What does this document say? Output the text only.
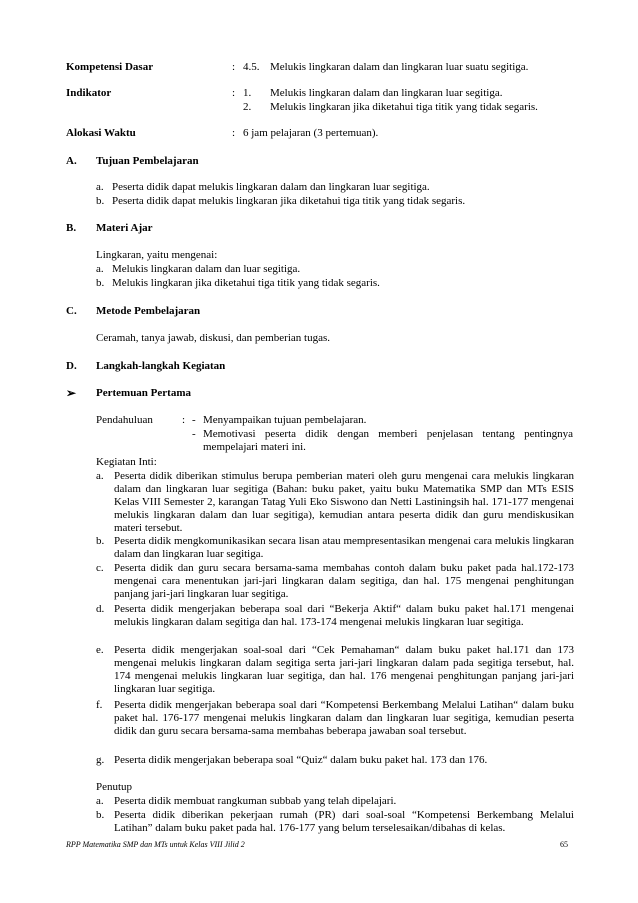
Kompetensi Dasar	: 4.5. Melukis lingkaran dalam dan lingkaran luar suatu segitiga.
Indikator	: 1. Melukis lingkaran dalam dan lingkaran luar segitiga.
2. Melukis lingkaran jika diketahui tiga titik yang tidak segaris.
Alokasi Waktu	: 6 jam pelajaran (3 pertemuan).
A. Tujuan Pembelajaran
a. Peserta didik dapat melukis lingkaran dalam dan lingkaran luar segitiga.
b. Peserta didik dapat melukis lingkaran jika diketahui tiga titik yang tidak segaris.
B. Materi Ajar
Lingkaran, yaitu mengenai:
a. Melukis lingkaran dalam dan luar segitiga.
b. Melukis lingkaran jika diketahui tiga titik yang tidak segaris.
C. Metode Pembelajaran
Ceramah, tanya jawab, diskusi, dan pemberian tugas.
D. Langkah-langkah Kegiatan
➢ Pertemuan Pertama
Pendahuluan	: - Menyampaikan tujuan pembelajaran.
- Memotivasi peserta didik dengan memberi penjelasan tentang pentingnya mempelajari materi ini.
Kegiatan Inti:
a. Peserta didik diberikan stimulus berupa pemberian materi oleh guru mengenai cara melukis lingkaran dalam dan lingkaran luar segitiga (Bahan: buku paket, yaitu buku Matematika SMP dan MTs ESIS Kelas VIII Semester 2, karangan Tatag Yuli Eko Siswono dan Netti Lastiningsih hal. 171-177 mengenai melukis lingkaran dalam dan luar segitiga), kemudian antara peserta didik dan guru mendiskusikan materi tersebut.
b. Peserta didik mengkomunikasikan secara lisan atau mempresentasikan mengenai cara melukis lingkaran dalam dan lingkaran luar segitiga.
c. Peserta didik dan guru secara bersama-sama membahas contoh dalam buku paket pada hal.172-173 mengenai cara menentukan jari-jari lingkaran dalam segitiga, dan hal. 175 mengenai penghitungan panjang jari-jari lingkaran luar segitiga.
d. Peserta didik mengerjakan beberapa soal dari “Bekerja Aktif“ dalam buku paket hal.171 mengenai melukis lingkaran dalam segitiga dan hal. 173-174 mengenai melukis lingkaran luar segitiga.
e. Peserta didik mengerjakan soal-soal dari “Cek Pemahaman“ dalam buku paket hal.171 dan 173 mengenai melukis lingkaran dalam segitiga serta jari-jari lingkaran dalam pada segitiga tersebut, hal. 174 mengenai melukis lingkaran luar segitiga, dan hal. 176 mengenai penghitungan panjang jari-jari lingkaran luar segitiga.
f. Peserta didik mengerjakan beberapa soal dari “Kompetensi Berkembang Melalui Latihan“ dalam buku paket hal. 176-177 mengenai melukis lingkaran dalam dan lingkaran luar segitiga, kemudian peserta didik dan guru secara bersama-sama membahas beberapa jawaban soal tersebut.
g. Peserta didik mengerjakan beberapa soal “Quiz“ dalam buku paket hal. 173 dan 176.
Penutup
a. Peserta didik membuat rangkuman subbab yang telah dipelajari.
b. Peserta didik diberikan pekerjaan rumah (PR) dari soal-soal “Kompetensi Berkembang Melalui Latihan” dalam buku paket pada hal. 176-177 yang belum terselesaikan/dibahas di kelas.
RPP Matematika SMP dan MTs untuk Kelas VIII Jilid 2	65
